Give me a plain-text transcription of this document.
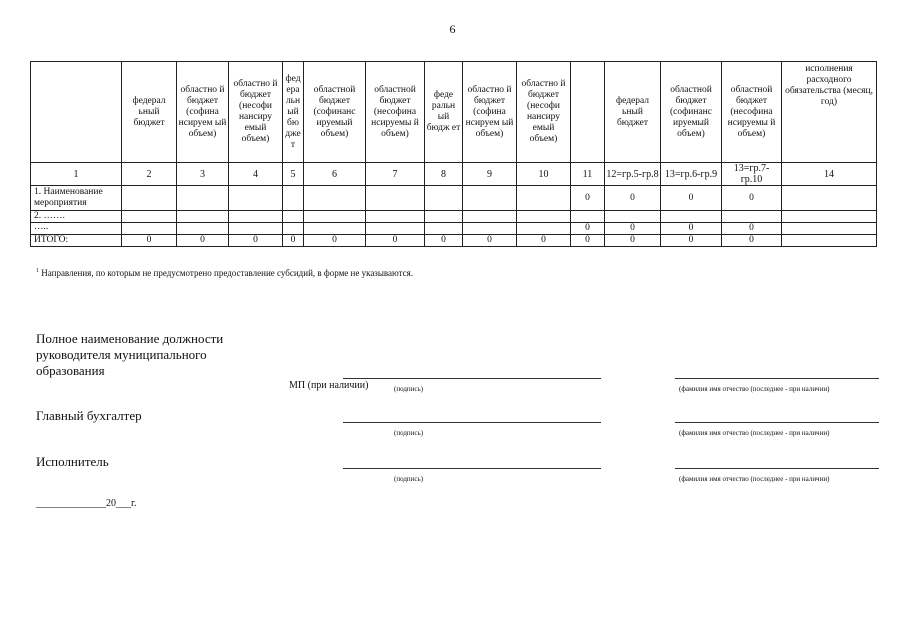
6
	федерал ьный бюджет	областно й бюджет (софина нсируем ый объем)	областно й бюджет (несофи нансиру емый объем)	фед ера льн ый бю дже т	областной бюджет (софинанс ируемый объем)	областной бюджет (несофина нсируемы й объем)	феде ральн ый бюдж ет	областно й бюджет (софина нсируем ый объем)	областно й бюджет (несофи нансиру емый объем)		федерал ьный бюджет	областной бюджет (софинанс ируемый объем)	областной бюджет (несофина нсируемы й объем)	исполнения расходного обязательства (месяц, год)
1	2	3	4	5	6	7	8	9	10	11	12=гр.5-гр.8	13=гр.6-гр.9	13=гр.7-гр.10	14
1. Наименование мероприятия										0	0	0	0	
2. …….														
…..										0	0	0	0	
ИТОГО:	0	0	0	0	0	0	0	0	0	0	0	0	0	
$^1$ Направления, по которым не предусмотрено предоставление субсидий, в форме не указываются.
Полное наименование должности руководителя муниципального образования
МП (при наличии)	(подпись)	(фамилия имя отчество (последнее - при наличии)
Главный бухгалтер
(подпись)	(фамилия имя отчество (последнее - при наличии)
Исполнитель
(подпись)	(фамилия имя отчество (последнее - при наличии)
______________20___г.
